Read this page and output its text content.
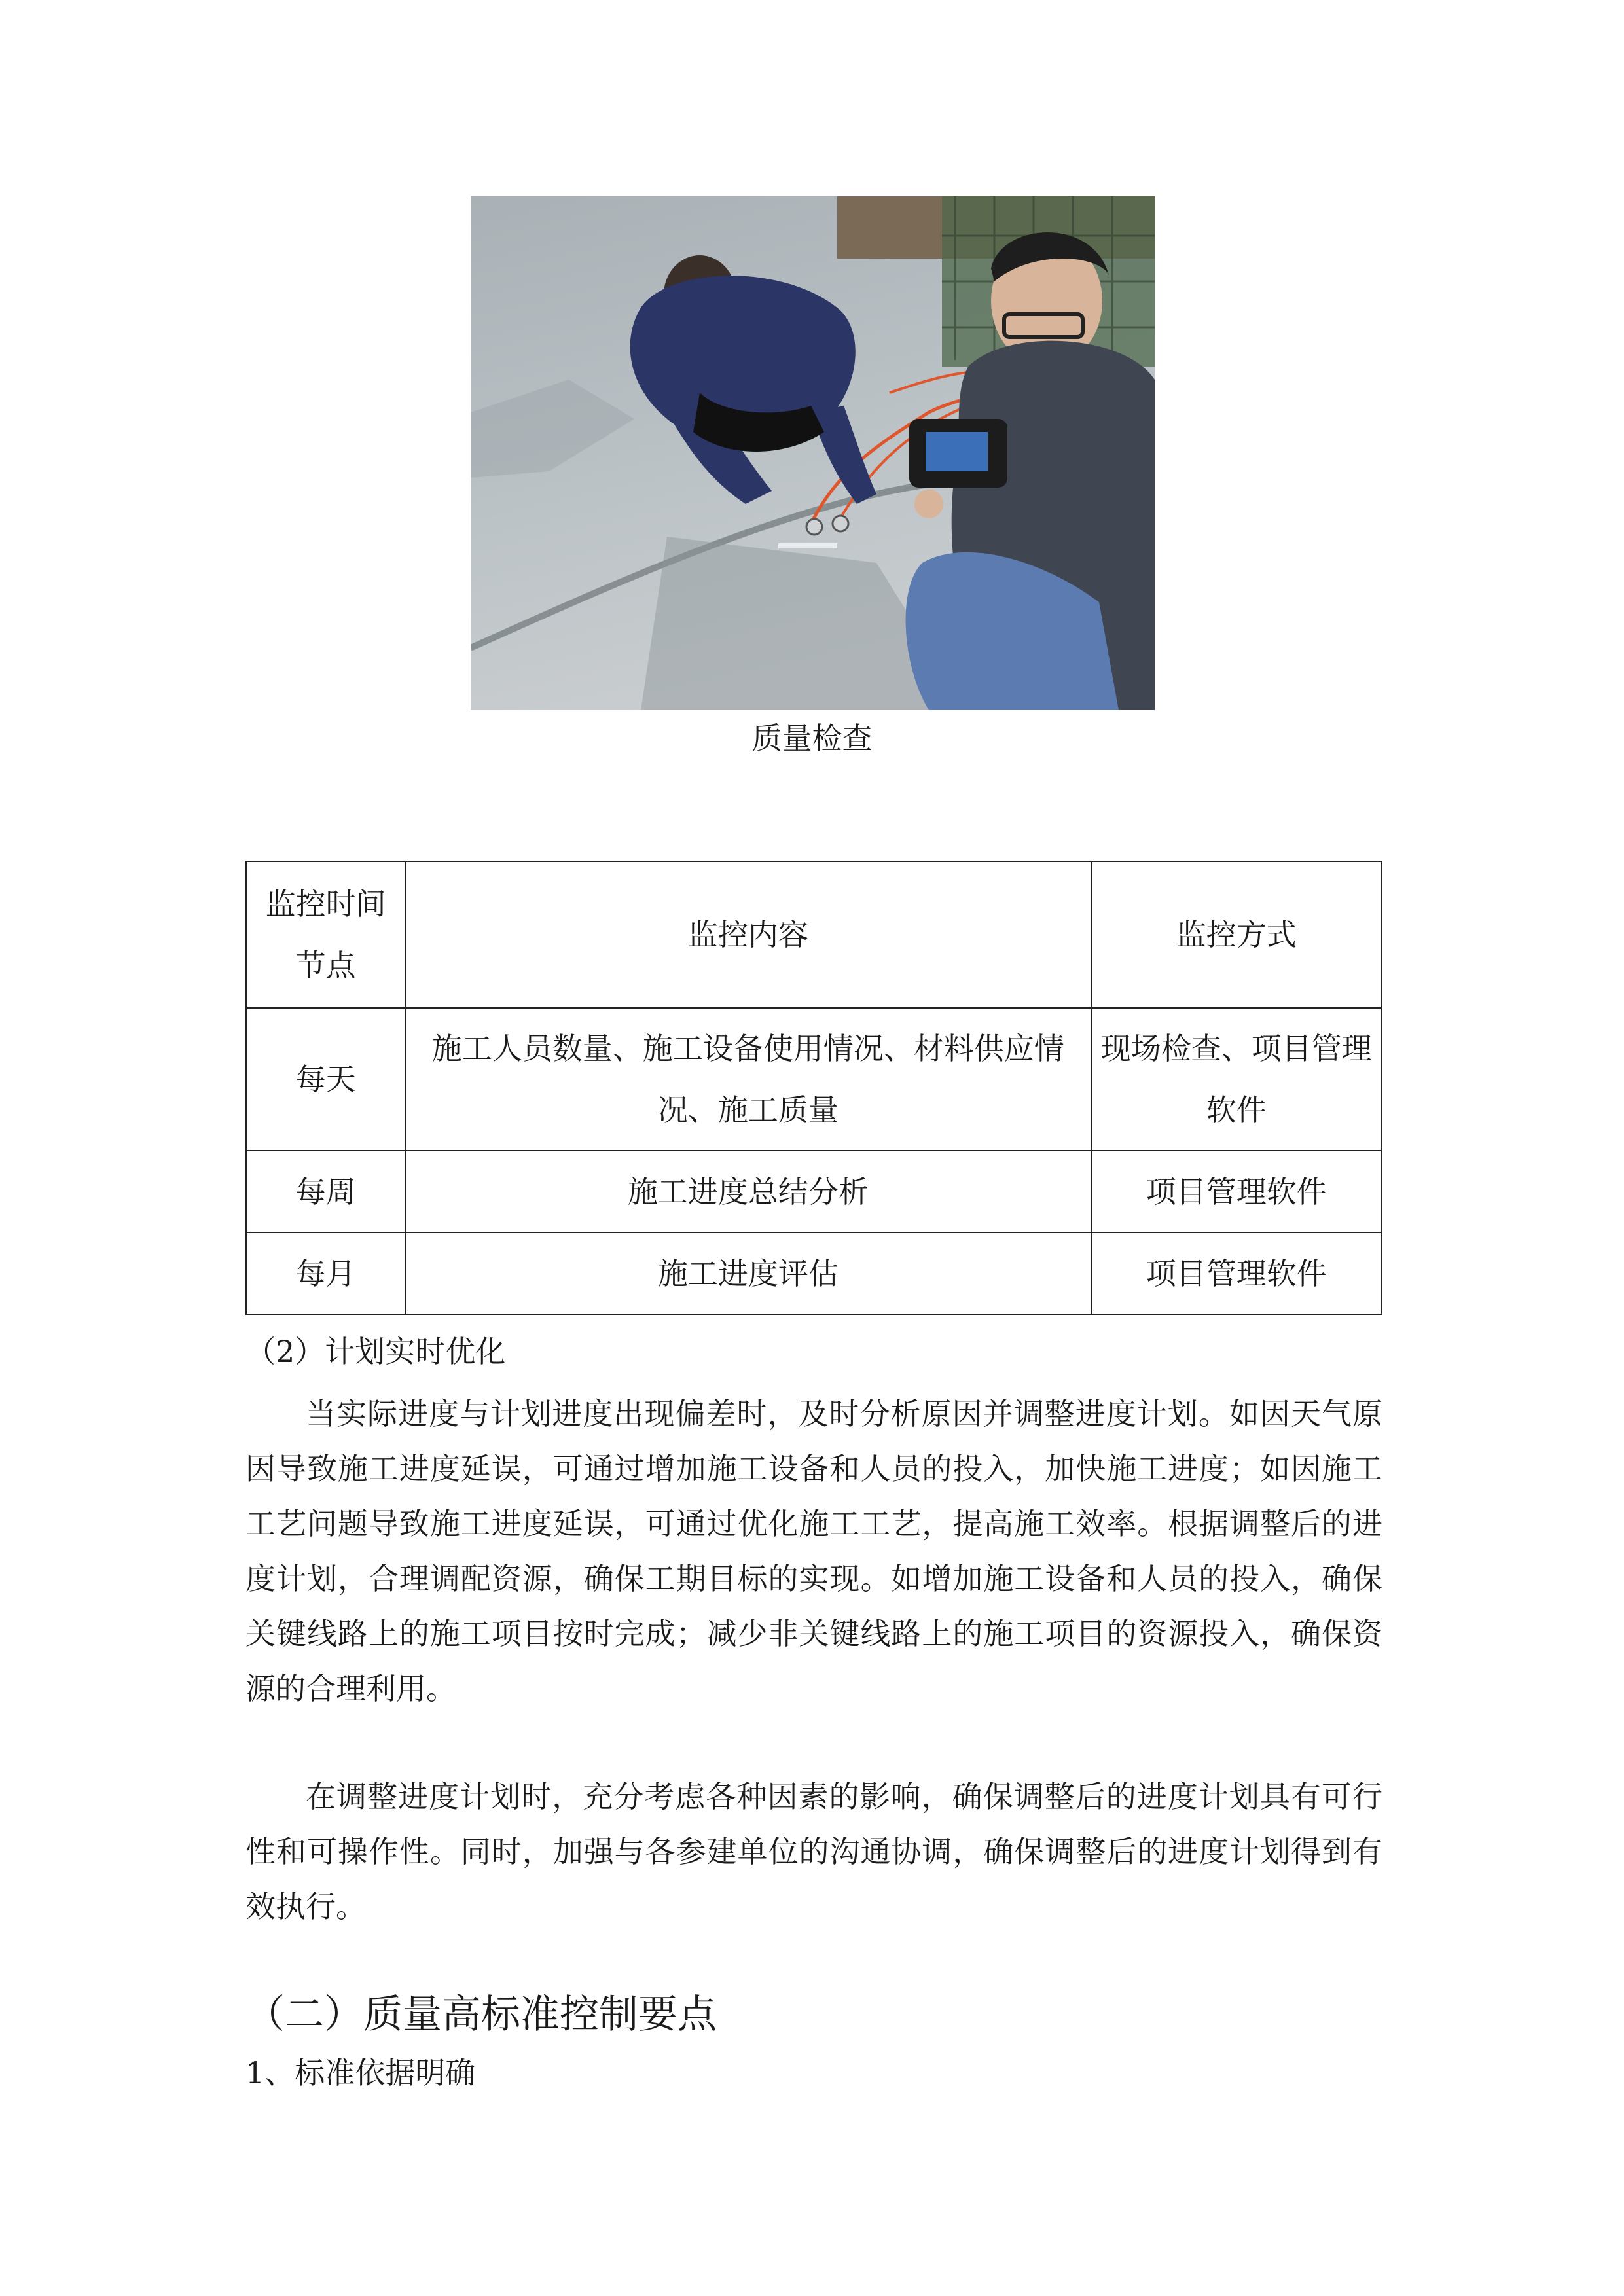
质量检查
监控时间节点	监控内容	监控方式
每天	施工人员数量、施工设备使用情况、材料供应情况、施工质量	现场检查、项目管理软件
每周	施工进度总结分析	项目管理软件
每月	施工进度评估	项目管理软件
（2）计划实时优化

当实际进度与计划进度出现偏差时，及时分析原因并调整进度计划。如因天气原因导致施工进度延误，可通过增加施工设备和人员的投入，加快施工进度；如因施工工艺问题导致施工进度延误，可通过优化施工工艺，提高施工效率。根据调整后的进度计划，合理调配资源，确保工期目标的实现。如增加施工设备和人员的投入，确保关键线路上的施工项目按时完成；减少非关键线路上的施工项目的资源投入，确保资源的合理利用。

在调整进度计划时，充分考虑各种因素的影响，确保调整后的进度计划具有可行性和可操作性。同时，加强与各参建单位的沟通协调，确保调整后的进度计划得到有效执行。

（二）质量高标准控制要点
1、标准依据明确
